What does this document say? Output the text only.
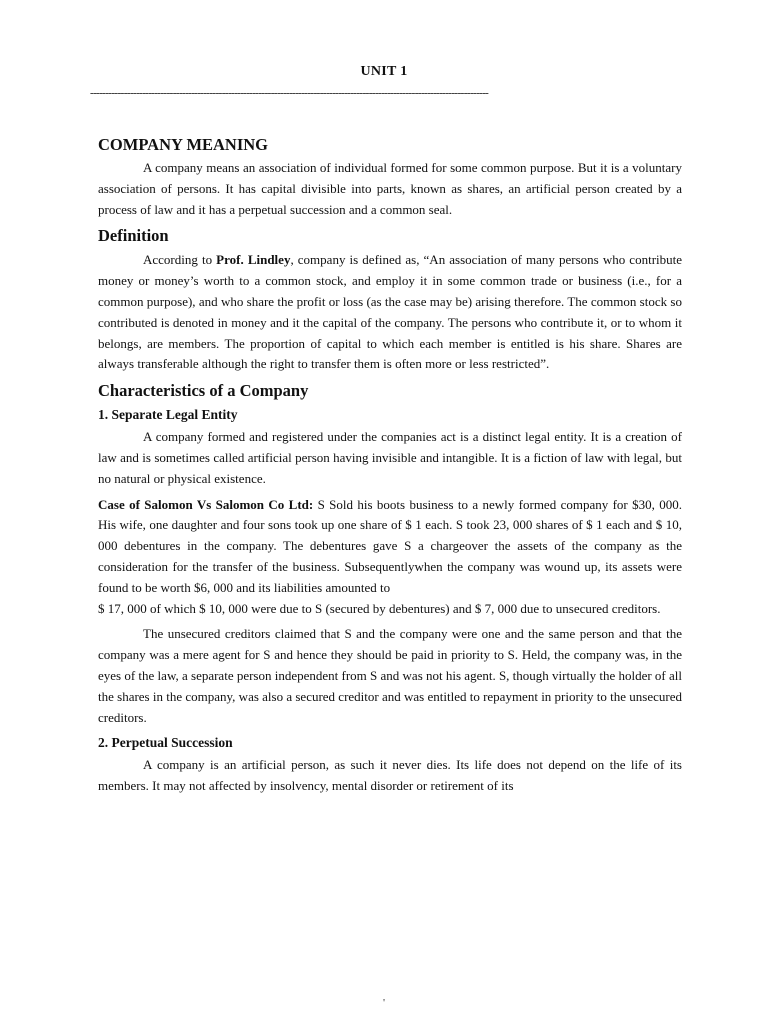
UNIT 1
----------------------------------------------------------------------------------------------------------------------------------
COMPANY MEANING

A company means an association of individual formed for some common purpose. But it is a voluntary association of persons. It has capital divisible into parts, known as shares, an artificial person created by a process of law and it has a perpetual succession and a common seal.

Definition

According to Prof. Lindley, company is defined as, “An association of many persons who contribute money or money’s worth to a common stock, and employ it in some common trade or business (i.e., for a common purpose), and who share the profit or loss (as the case may be) arising therefore. The common stock so contributed is denoted in money and it the capital of the company. The persons who contribute it, or to whom it belongs, are members. The proportion of capital to which each member is entitled is his share. Shares are always transferable although the right to transfer them is often more or less restricted”.

Characteristics of a Company
1. Separate Legal Entity

A company formed and registered under the companies act is a distinct legal entity. It is a creation of law and is sometimes called artificial person having invisible and intangible. It is a fiction of law with legal, but no natural or physical existence.

Case of Salomon Vs Salomon Co Ltd: S Sold his boots business to a newly formed company for $30, 000. His wife, one daughter and four sons took up one share of $ 1 each. S took 23, 000 shares of $ 1 each and $ 10, 000 debentures in the company. The debentures gave S a chargeover the assets of the company as the consideration for the transfer of the business. Subsequentlywhen the company was wound up, its assets were found to be worth $6, 000 and its liabilities amounted to

$ 17, 000 of which $ 10, 000 were due to S (secured by debentures) and $ 7, 000 due to unsecured creditors.

The unsecured creditors claimed that S and the company were one and the same person and that the company was a mere agent for S and hence they should be paid in priority to S. Held, the company was, in the eyes of the law, a separate person independent from S and was not his agent. S, though virtually the holder of all the shares in the company, was also a secured creditor and was entitled to repayment in priority to the unsecured creditors.

2. Perpetual Succession

A company is an artificial person, as such it never dies. Its life does not depend on the life of its members. It may not affected by insolvency, mental disorder or retirement of its

'
